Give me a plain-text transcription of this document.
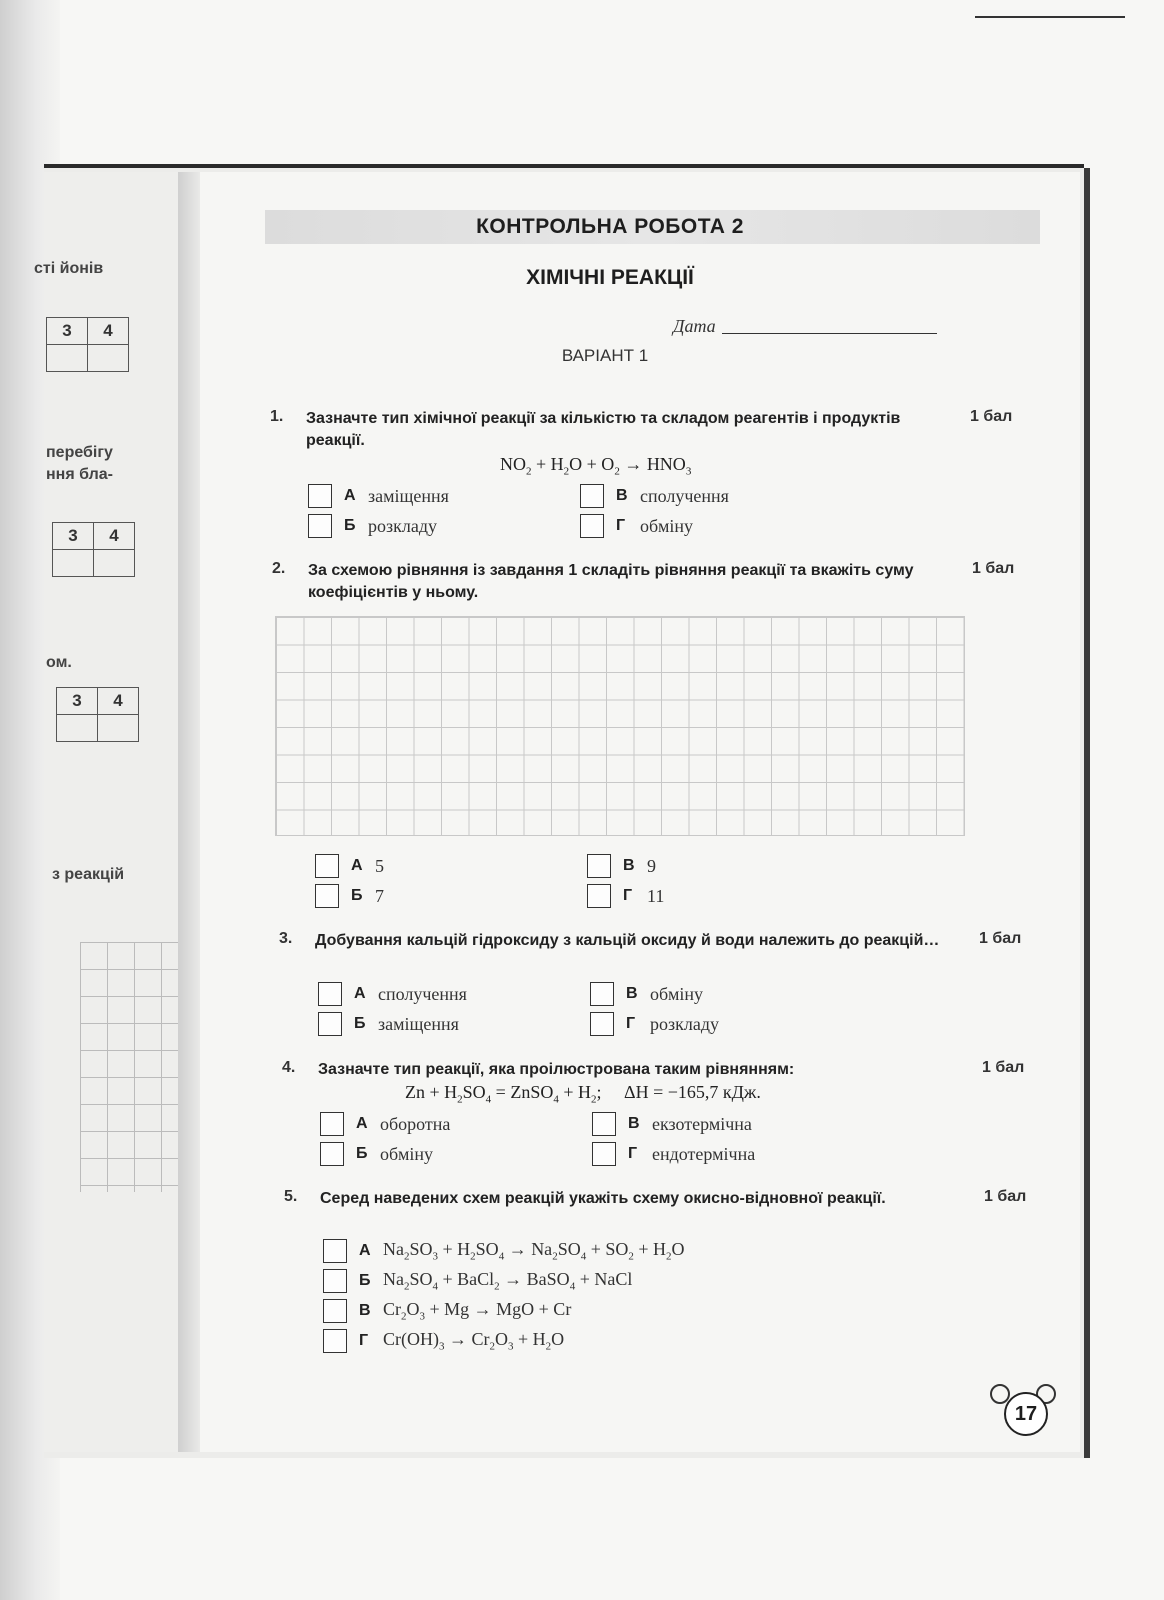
сті йонів
3	4

перебігу
ння бла-
3	4

ом.
3	4

з реакцій
КОНТРОЛЬНА РОБОТА 2
ХІМІЧНІ РЕАКЦІЇ
Дата
ВАРІАНТ 1
1. Зазначте тип хімічної реакції за кількістю та складом реагентів і продуктів реакції.
1 бал
$NO_2 + H_2O + O_2 \to HNO_3$
А заміщення	В сполучення
Б розкладу	Г обміну
2. За схемою рівняння із завдання 1 складіть рівняння реакції та вкажіть суму коефіцієнтів у ньому.
1 бал
А 5	В 9
Б 7	Г 11
3. Добування кальцій гідроксиду з кальцій оксиду й води належить до реакцій…	1 бал
А сполучення	В обміну
Б заміщення	Г розкладу
4. Зазначте тип реакції, яка проілюстрована таким рівнянням:	1 бал
$Zn + H_2SO_4$ = ZnSO$_4$ + $H_2$;     ΔH = −165,7 кДж.
А оборотна	В екзотермічна
Б обміну	Г ендотермічна
5. Серед наведених схем реакцій укажіть схему окисно-відновної реакції.	1 бал
А $Na_2SO_3 + H_2SO_4 \to Na_2SO_4 + SO_2 + H_2O$
Б $Na_2SO_4$ + BaCl$_2$ → BaSO$_4$ + NaCl
В $Cr_2O_3 + Mg$ → MgO + Cr
Г $Cr(OH)_3 \to Cr_2O_3 + H_2O$
17
